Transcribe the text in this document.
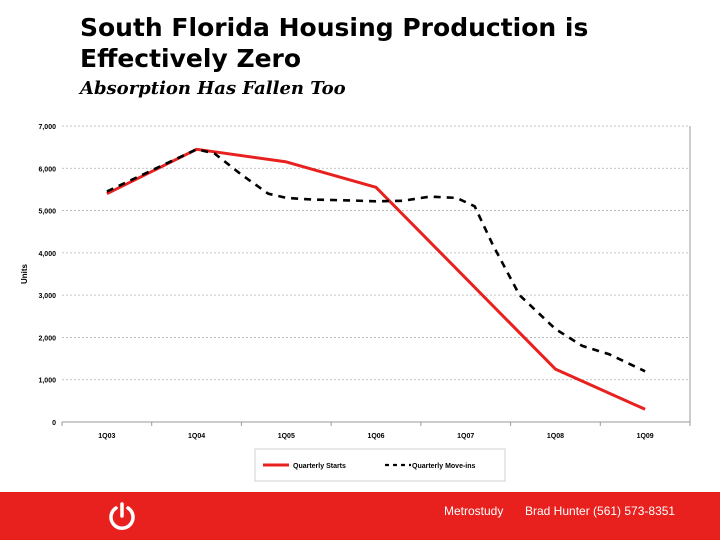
South Florida Housing Production is Effectively Zero
Absorption Has Fallen Too
0
1,000
2,000
3,000
4,000
5,000
6,000
7,000
1Q03	1Q04	1Q05	1Q06	1Q07	1Q08	1Q09
Units
Quarterly Starts	Quarterly Move-ins
Metrostudy Brad Hunter (561) 573-8351
